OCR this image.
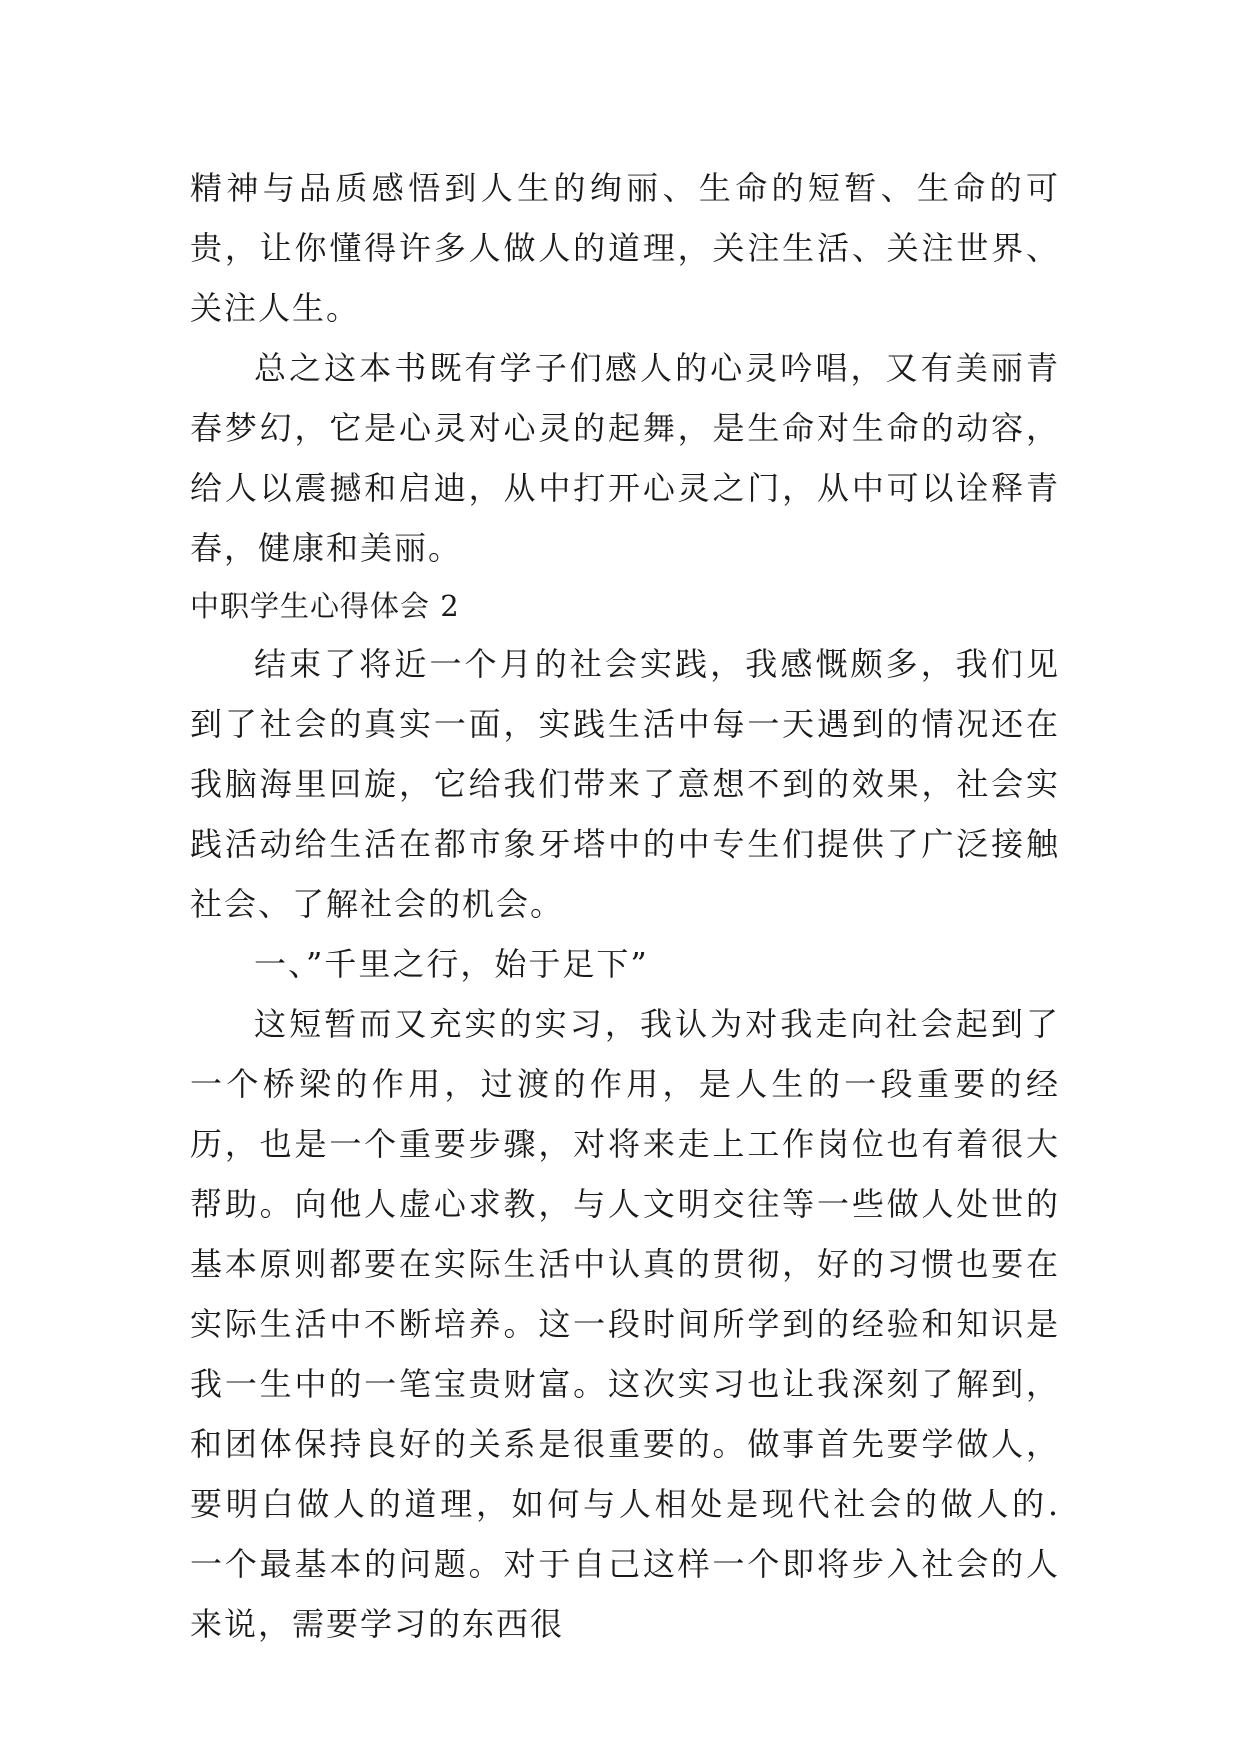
精神与品质感悟到人生的绚丽、生命的短暂、生命的可贵，让你懂得许多人做人的道理，关注生活、关注世界、关注人生。

总之这本书既有学子们感人的心灵吟唱，又有美丽青春梦幻，它是心灵对心灵的起舞，是生命对生命的动容，给人以震撼和启迪，从中打开心灵之门，从中可以诠释青春，健康和美丽。

中职学生心得体会 2

结束了将近一个月的社会实践，我感慨颇多，我们见到了社会的真实一面，实践生活中每一天遇到的情况还在我脑海里回旋，它给我们带来了意想不到的效果，社会实践活动给生活在都市象牙塔中的中专生们提供了广泛接触社会、了解社会的机会。

一、”千里之行，始于足下”

这短暂而又充实的实习，我认为对我走向社会起到了一个桥梁的作用，过渡的作用，是人生的一段重要的经历，也是一个重要步骤，对将来走上工作岗位也有着很大帮助。向他人虚心求教，与人文明交往等一些做人处世的基本原则都要在实际生活中认真的贯彻，好的习惯也要在实际生活中不断培养。这一段时间所学到的经验和知识是我一生中的一笔宝贵财富。这次实习也让我深刻了解到，和团体保持良好的关系是很重要的。做事首先要学做人，要明白做人的道理，如何与人相处是现代社会的做人的. 一个最基本的问题。对于自己这样一个即将步入社会的人来说，需要学习的东西很
